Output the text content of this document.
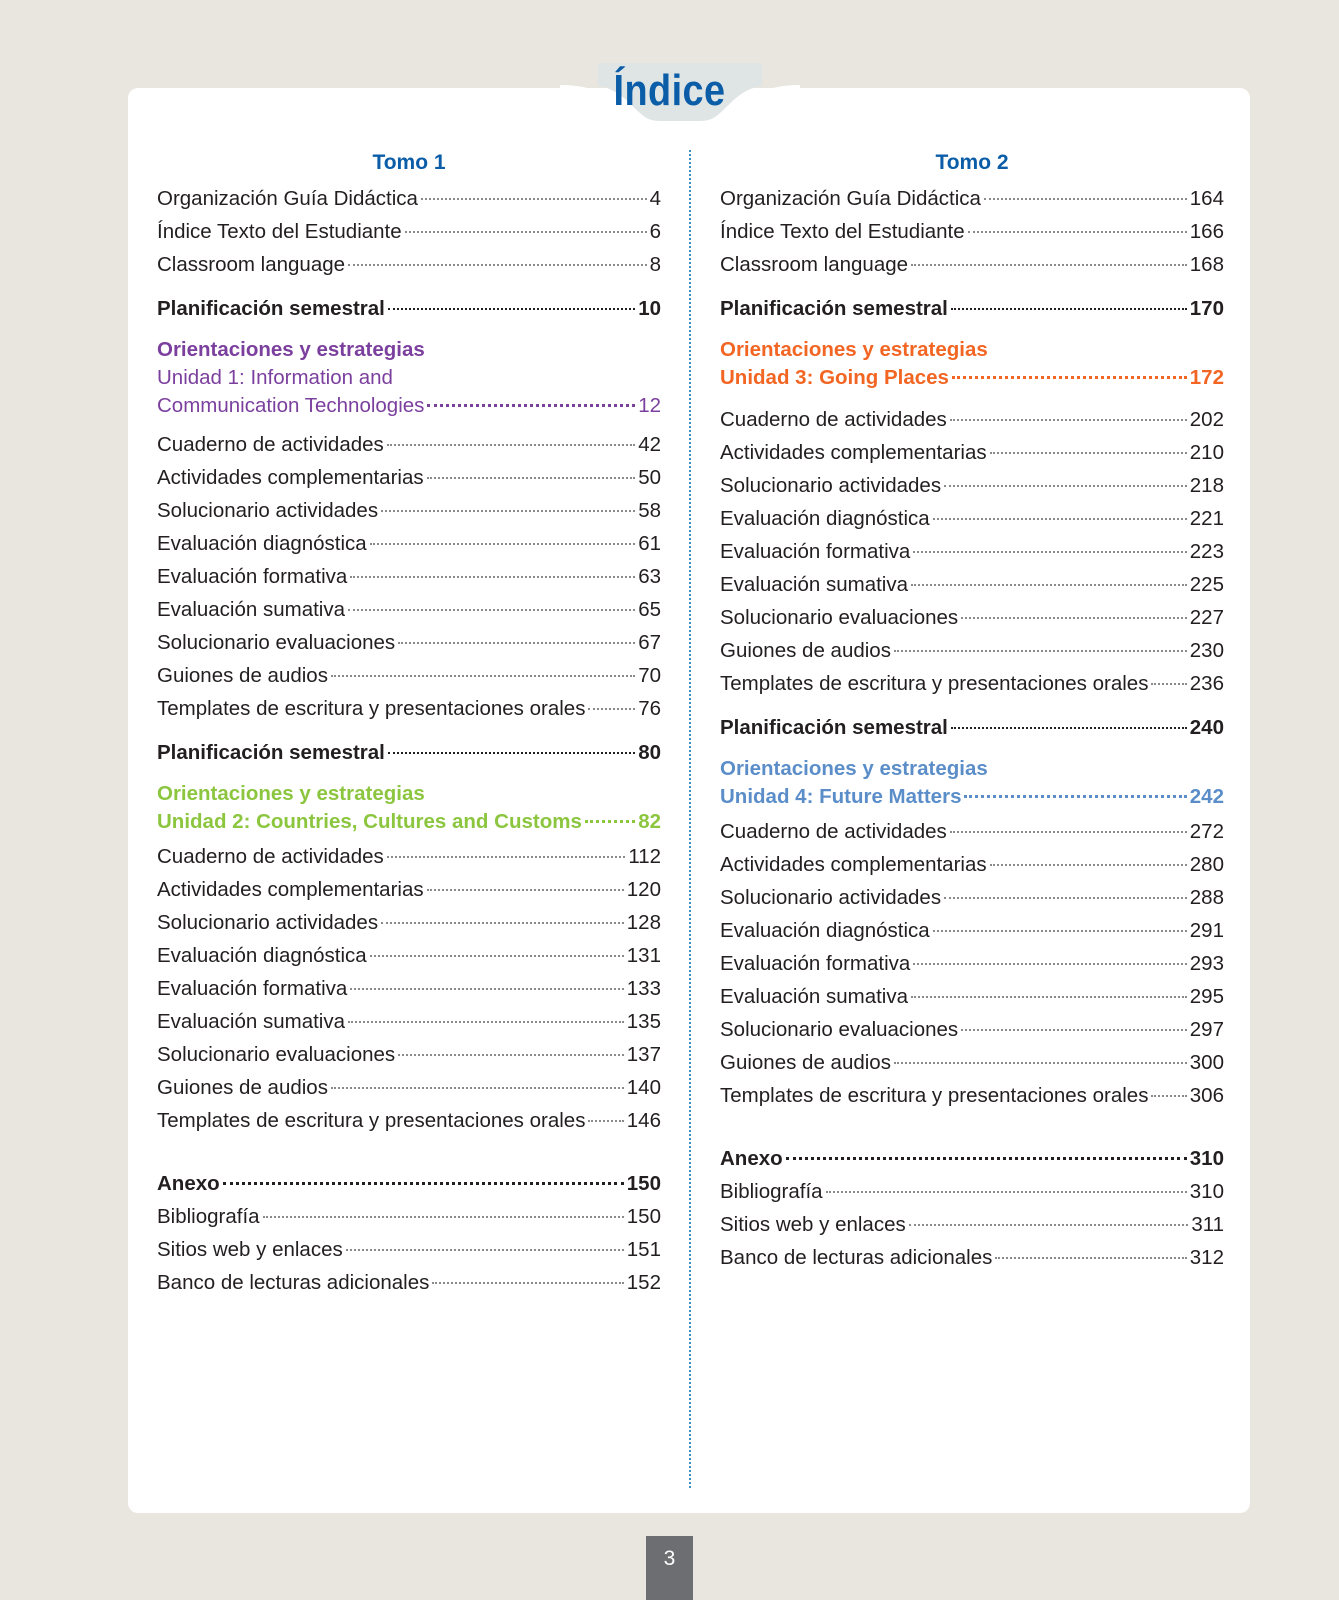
Índice
Tomo 1
Organización Guía Didáctica	4
Índice Texto del Estudiante	6
Classroom language	8
Planificación semestral	10
Orientaciones y estrategias
Unidad 1: Information and
Communication Technologies	12
Cuaderno de actividades	42
Actividades complementarias	50
Solucionario actividades	58
Evaluación diagnóstica	61
Evaluación formativa	63
Evaluación sumativa	65
Solucionario evaluaciones	67
Guiones de audios	70
Templates de escritura y presentaciones orales	76
Planificación semestral	80
Orientaciones y estrategias
Unidad 2: Countries, Cultures and Customs	82
Cuaderno de actividades	112
Actividades complementarias	120
Solucionario actividades	128
Evaluación diagnóstica	131
Evaluación formativa	133
Evaluación sumativa	135
Solucionario evaluaciones	137
Guiones de audios	140
Templates de escritura y presentaciones orales 146
Anexo	150
Bibliografía	150
Sitios web y enlaces	151
Banco de lecturas adicionales	152
Tomo 2
Organización Guía Didáctica	164
Índice Texto del Estudiante	166
Classroom language	168
Planificación semestral	170
Orientaciones y estrategias
Unidad 3: Going Places	172
Cuaderno de actividades	202
Actividades complementarias	210
Solucionario actividades	218
Evaluación diagnóstica	221
Evaluación formativa	223
Evaluación sumativa	225
Solucionario evaluaciones	227
Guiones de audios	230
Templates de escritura y presentaciones orales 236
Planificación semestral	240
Orientaciones y estrategias
Unidad 4: Future Matters	242
Cuaderno de actividades	272
Actividades complementarias	280
Solucionario actividades	288
Evaluación diagnóstica	291
Evaluación formativa	293
Evaluación sumativa	295
Solucionario evaluaciones	297
Guiones de audios	300
Templates de escritura y presentaciones orales 306
Anexo	310
Bibliografía	310
Sitios web y enlaces	311
Banco de lecturas adicionales	312
3
